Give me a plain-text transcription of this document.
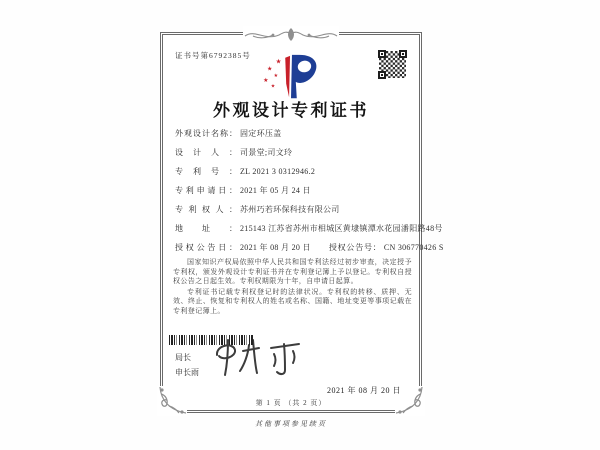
证书号第6792385号
★
★
★
★
★
外观设计专利证书
外观设计名称： 固定环压盖
设计人： 司景堂;司文玲
专利号： ZL 2021 3 0312946.2
专利申请日： 2021 年 05 月 24 日
专利权人： 苏州巧若环保科技有限公司
地址： 215143 江苏省苏州市相城区黄埭镇潭水花园潘阳路48号
授权公告日： 2021 年 08 月 20 日 授权公告号： CN 306770426 S

国家知识产权局依照中华人民共和国专利法经过初步审查，决定授予专利权，颁发外观设计专利证书并在专利登记簿上予以登记。专利权自授权公告之日起生效。专利权期限为十年，自申请日起算。

专利证书记载专利权登记时的法律状况。专利权的转移、质押、无效、终止、恢复和专利权人的姓名或名称、国籍、地址变更等事项记载在专利登记簿上。

局长
申长雨
2021 年 08 月 20 日
第 1 页 （共 2 页）
其他事项参见续页
